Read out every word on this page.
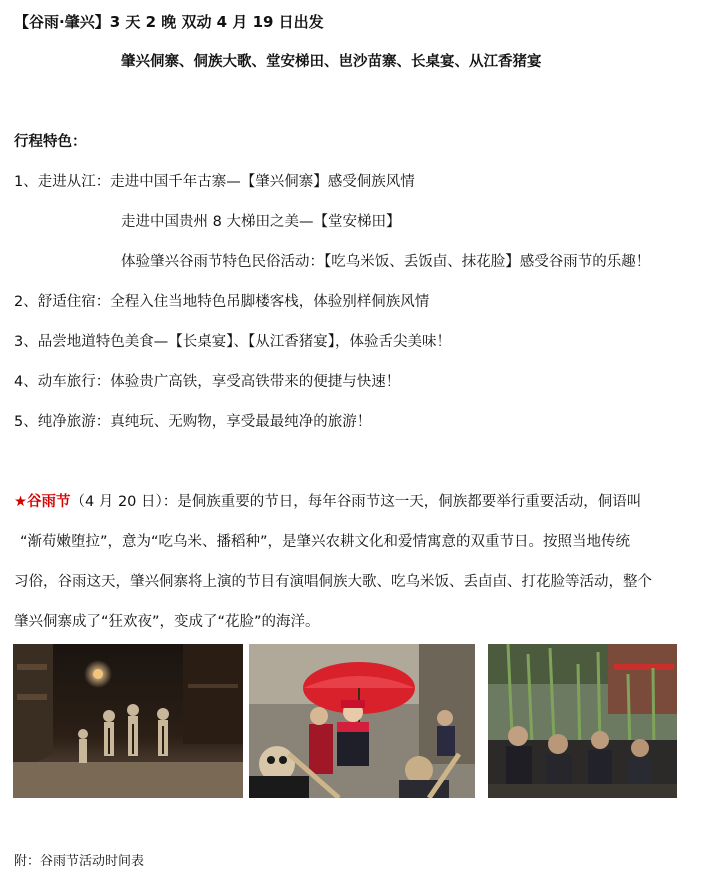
【谷雨·肇兴】3 天 2 晚 双动 4 月 19 日出发
肇兴侗寨、侗族大歌、堂安梯田、岜沙苗寨、长桌宴、从江香猪宴
行程特色：
1、走进从江：走进中国千年古寨—【肇兴侗寨】感受侗族风情
走进中国贵州 8 大梯田之美—【堂安梯田】
体验肇兴谷雨节特色民俗活动：【吃乌米饭、丢饭卣、抹花脸】感受谷雨节的乐趣！
2、舒适住宿：全程入住当地特色吊脚楼客栈，体验别样侗族风情
3、品尝地道特色美食—【长桌宴】、【从江香猪宴】，体验舌尖美味！
4、动车旅行：体验贵广高铁，享受高铁带来的便捷与快速！
5、纯净旅游：真纯玩、无购物，享受最最纯净的旅游！
★谷雨节（4 月 20 日）：是侗族重要的节日，每年谷雨节这一天，侗族都要举行重要活动，侗语叫
“渐苟嫩堕拉”，意为“吃乌米、播稻种”，是肇兴农耕文化和爱情寓意的双重节日。按照当地传统
习俗，谷雨这天，肇兴侗寨将上演的节目有演唱侗族大歌、吃乌米饭、丢卣卣、打花脸等活动，整个
肇兴侗寨成了“狂欢夜”，变成了“花脸”的海洋。
附：谷雨节活动时间表
